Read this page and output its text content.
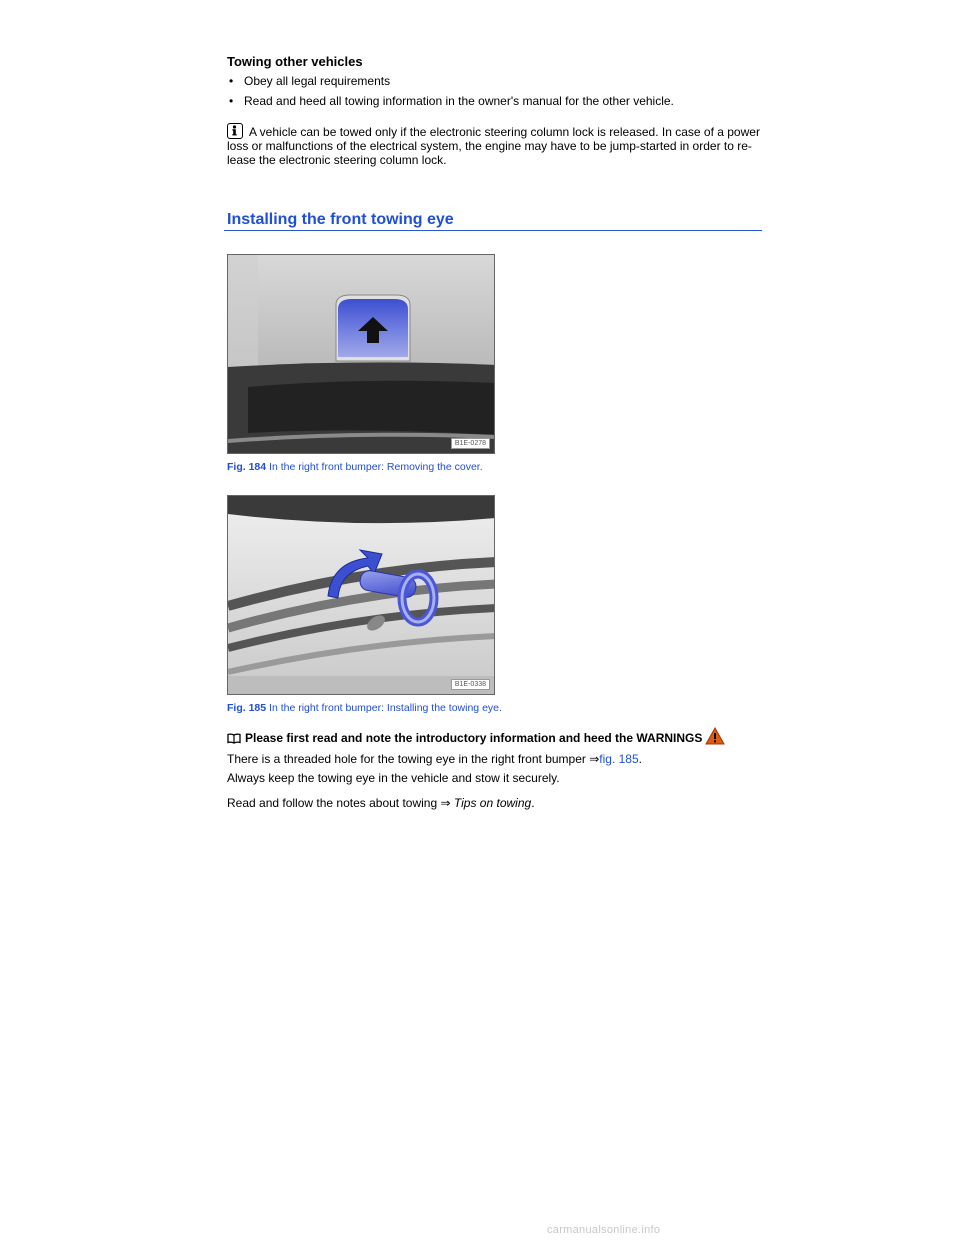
Towing other vehicles
• Obey all legal requirements
• Read and heed all towing information in the owner's manual for the other vehicle.
A vehicle can be towed only if the electronic steering column lock is released. In case of a power loss or malfunctions of the electrical system, the engine may have to be jump-started in order to re-lease the electronic steering column lock.
Installing the front towing eye
B1E-0278
Fig. 184 In the right front bumper: Removing the cover.
B1E-0338
Fig. 185 In the right front bumper: Installing the towing eye.
Please first read and note the introductory information and heed the WARNINGS
There is a threaded hole for the towing eye in the right front bumper ⇒fig. 185.
Always keep the towing eye in the vehicle and stow it securely.
Read and follow the notes about towing ⇒ Tips on towing.
carmanualsonline.info
